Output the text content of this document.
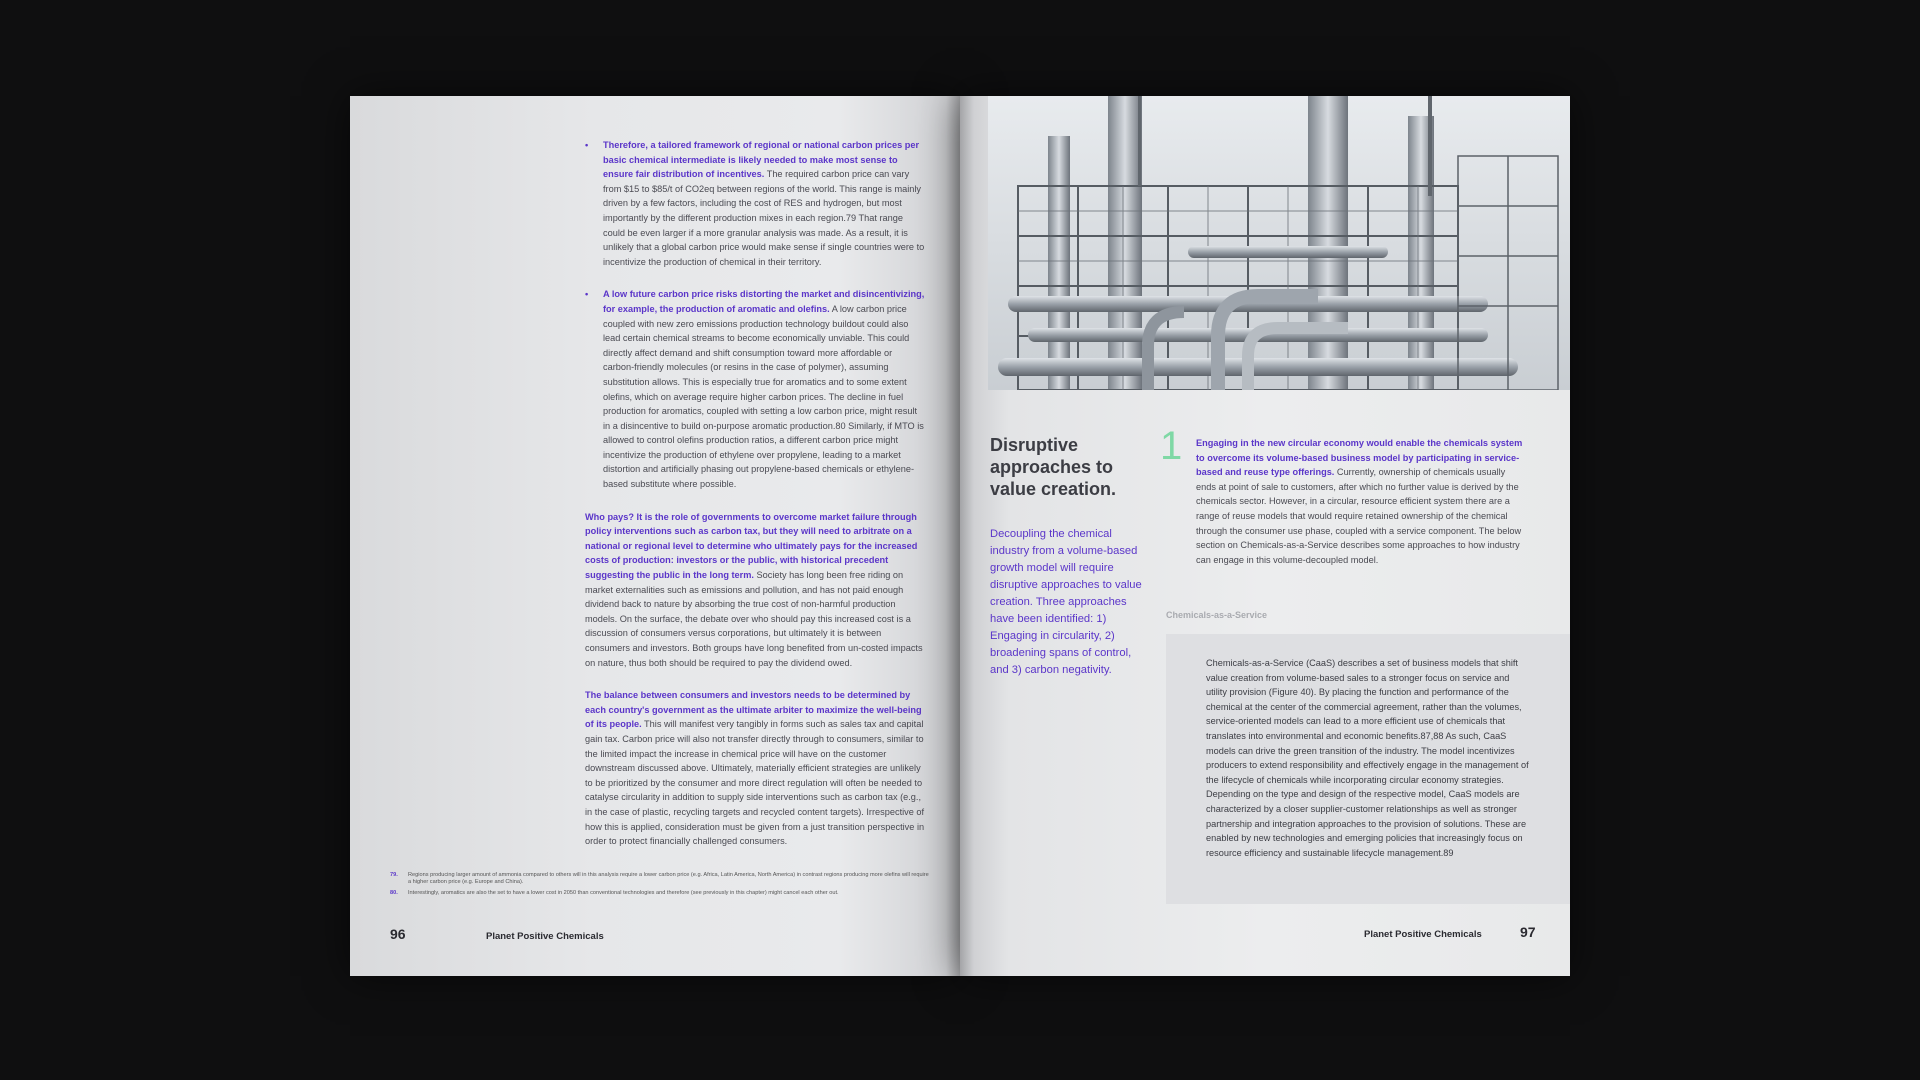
• Therefore, a tailored framework of regional or national carbon prices per basic chemical intermediate is likely needed to make most sense to ensure fair distribution of incentives. The required carbon price can vary from $15 to $85/t of CO2eq between regions of the world. This range is mainly driven by a few factors, including the cost of RES and hydrogen, but most importantly by the different production mixes in each region.79 That range could be even larger if a more granular analysis was made. As a result, it is unlikely that a global carbon price would make sense if single countries were to incentivize the production of chemical in their territory.
• A low future carbon price risks distorting the market and disincentivizing, for example, the production of aromatic and olefins. A low carbon price coupled with new zero emissions production technology buildout could also lead certain chemical streams to become economically unviable. This could directly affect demand and shift consumption toward more affordable or carbon-friendly molecules (or resins in the case of polymer), assuming substitution allows. This is especially true for aromatics and to some extent olefins, which on average require higher carbon prices. The decline in fuel production for aromatics, coupled with setting a low carbon price, might result in a disincentive to build on-purpose aromatic production.80 Similarly, if MTO is allowed to control olefins production ratios, a different carbon price might incentivize the production of ethylene over propylene, leading to a market distortion and artificially phasing out propylene-based chemicals or ethylene-based substitute where possible.
Who pays? It is the role of governments to overcome market failure through policy interventions such as carbon tax, but they will need to arbitrate on a national or regional level to determine who ultimately pays for the increased costs of production: investors or the public, with historical precedent suggesting the public in the long term. Society has long been free riding on market externalities such as emissions and pollution, and has not paid enough dividend back to nature by absorbing the true cost of non-harmful production models. On the surface, the debate over who should pay this increased cost is a discussion of consumers versus corporations, but ultimately it is between consumers and investors. Both groups have long benefited from un-costed impacts on nature, thus both should be required to pay the dividend owed.
The balance between consumers and investors needs to be determined by each country's government as the ultimate arbiter to maximize the well-being of its people. This will manifest very tangibly in forms such as sales tax and capital gain tax. Carbon price will also not transfer directly through to consumers, similar to the limited impact the increase in chemical price will have on the customer downstream discussed above. Ultimately, materially efficient strategies are unlikely to be prioritized by the consumer and more direct regulation will often be needed to catalyse circularity in addition to supply side interventions such as carbon tax (e.g., in the case of plastic, recycling targets and recycled content targets). Irrespective of how this is applied, consideration must be given from a just transition perspective in order to protect financially challenged consumers.
79. Regions producing larger amount of ammonia compared to others will in this analysis require a lower carbon price (e.g. Africa, Latin America, North America) in contrast regions producing more olefins will require a higher carbon price (e.g. Europe and China).
80. Interestingly, aromatics are also the set to have a lower cost in 2050 than conventional technologies and therefore (see previously in this chapter) might cancel each other out.
96	Planet Positive Chemicals
Disruptive approaches to value creation.
Decoupling the chemical industry from a volume-based growth model will require disruptive approaches to value creation. Three approaches have been identified: 1) Engaging in circularity, 2) broadening spans of control, and 3) carbon negativity.
1 Engaging in the new circular economy would enable the chemicals system to overcome its volume-based business model by participating in service-based and reuse type offerings. Currently, ownership of chemicals usually ends at point of sale to customers, after which no further value is derived by the chemicals sector. However, in a circular, resource efficient system there are a range of reuse models that would require retained ownership of the chemical through the consumer use phase, coupled with a service component. The below section on Chemicals-as-a-Service describes some approaches to how industry can engage in this volume-decoupled model.
Chemicals-as-a-Service
Chemicals-as-a-Service (CaaS) describes a set of business models that shift value creation from volume-based sales to a stronger focus on service and utility provision (Figure 40). By placing the function and performance of the chemical at the center of the commercial agreement, rather than the volumes, service-oriented models can lead to a more efficient use of chemicals that translates into environmental and economic benefits.87,88 As such, CaaS models can drive the green transition of the industry. The model incentivizes producers to extend responsibility and effectively engage in the management of the lifecycle of chemicals while incorporating circular economy strategies. Depending on the type and design of the respective model, CaaS models are characterized by a closer supplier-customer relationships as well as stronger partnership and integration approaches to the provision of solutions. These are enabled by new technologies and emerging policies that increasingly focus on resource efficiency and sustainable lifecycle management.89
Planet Positive Chemicals	97
